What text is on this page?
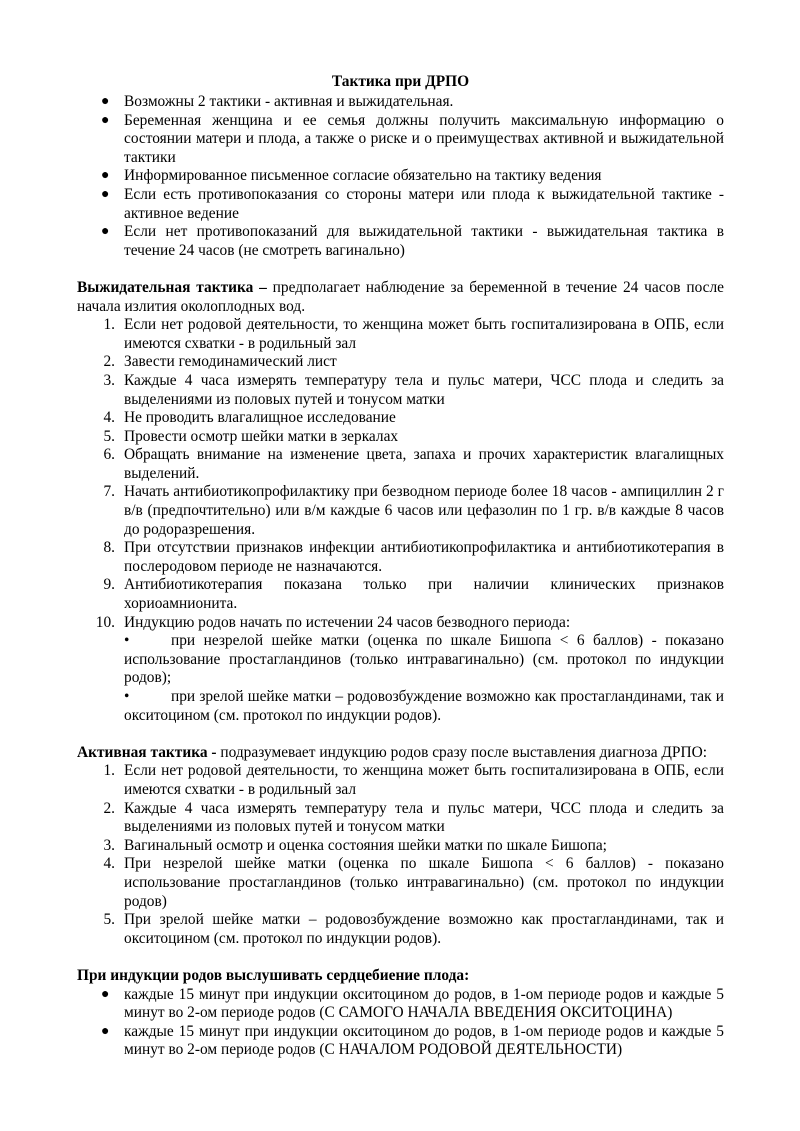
Тактика при ДРПО
● Возможны 2 тактики - активная и выжидательная.
● Беременная женщина и ее семья должны получить максимальную информацию о состоянии матери и плода, а также о риске и о преимуществах активной и выжидательной тактики
● Информированное письменное согласие обязательно на тактику ведения
● Если есть противопоказания со стороны матери или плода к выжидательной тактике - активное ведение
● Если нет противопоказаний для выжидательной тактики - выжидательная тактика в течение 24 часов (не смотреть вагинально)

Выжидательная тактика – предполагает наблюдение за беременной в течение 24 часов после начала излития околоплодных вод.

1. Если нет родовой деятельности, то женщина может быть госпитализирована в ОПБ, если имеются схватки - в родильный зал
2. Завести гемодинамический лист
3. Каждые 4 часа измерять температуру тела и пульс матери, ЧСС плода и следить за выделениями из половых путей и тонусом матки
4. Не проводить влагалищное исследование
5. Провести осмотр шейки матки в зеркалах
6. Обращать внимание на изменение цвета, запаха и прочих характеристик влагалищных выделений.
7. Начать антибиотикопрофилактику при безводном периоде более 18 часов - ампициллин 2 г в/в (предпочтительно) или в/м каждые 6 часов или цефазолин по 1 гр. в/в каждые 8 часов до родоразрешения.
8. При отсутствии признаков инфекции антибиотикопрофилактика и антибиотикотерапия в послеродовом периоде не назначаются.
9. Антибиотикотерапия показана только при наличии клинических признаков хориоамнионита.
10. Индукцию родов начать по истечении 24 часов безводного периода:
•	при незрелой шейке матки (оценка по шкале Бишопа < 6 баллов) - показано использование простагландинов (только интравагинально) (см. протокол по индукции родов);
•	при зрелой шейке матки – родовозбуждение возможно как простагландинами, так и окситоцином (см. протокол по индукции родов).

Активная тактика - подразумевает индукцию родов сразу после выставления диагноза ДРПО:

1. Если нет родовой деятельности, то женщина может быть госпитализирована в ОПБ, если имеются схватки - в родильный зал
2. Каждые 4 часа измерять температуру тела и пульс матери, ЧСС плода и следить за выделениями из половых путей и тонусом матки
3. Вагинальный осмотр и оценка состояния шейки матки по шкале Бишопа;
4. При незрелой шейке матки (оценка по шкале Бишопа < 6 баллов) - показано использование простагландинов (только интравагинально) (см. протокол по индукции родов)
5. При зрелой шейке матки – родовозбуждение возможно как простагландинами, так и окситоцином (см. протокол по индукции родов).
При индукции родов выслушивать сердцебиение плода:
● каждые 15 минут при индукции окситоцином до родов, в 1-ом периоде родов и каждые 5 минут во 2-ом периоде родов (С САМОГО НАЧАЛА ВВЕДЕНИЯ ОКСИТОЦИНА)
● каждые 15 минут при индукции окситоцином до родов, в 1-ом периоде родов и каждые 5 минут во 2-ом периоде родов (С НАЧАЛОМ РОДОВОЙ ДЕЯТЕЛЬНОСТИ)
